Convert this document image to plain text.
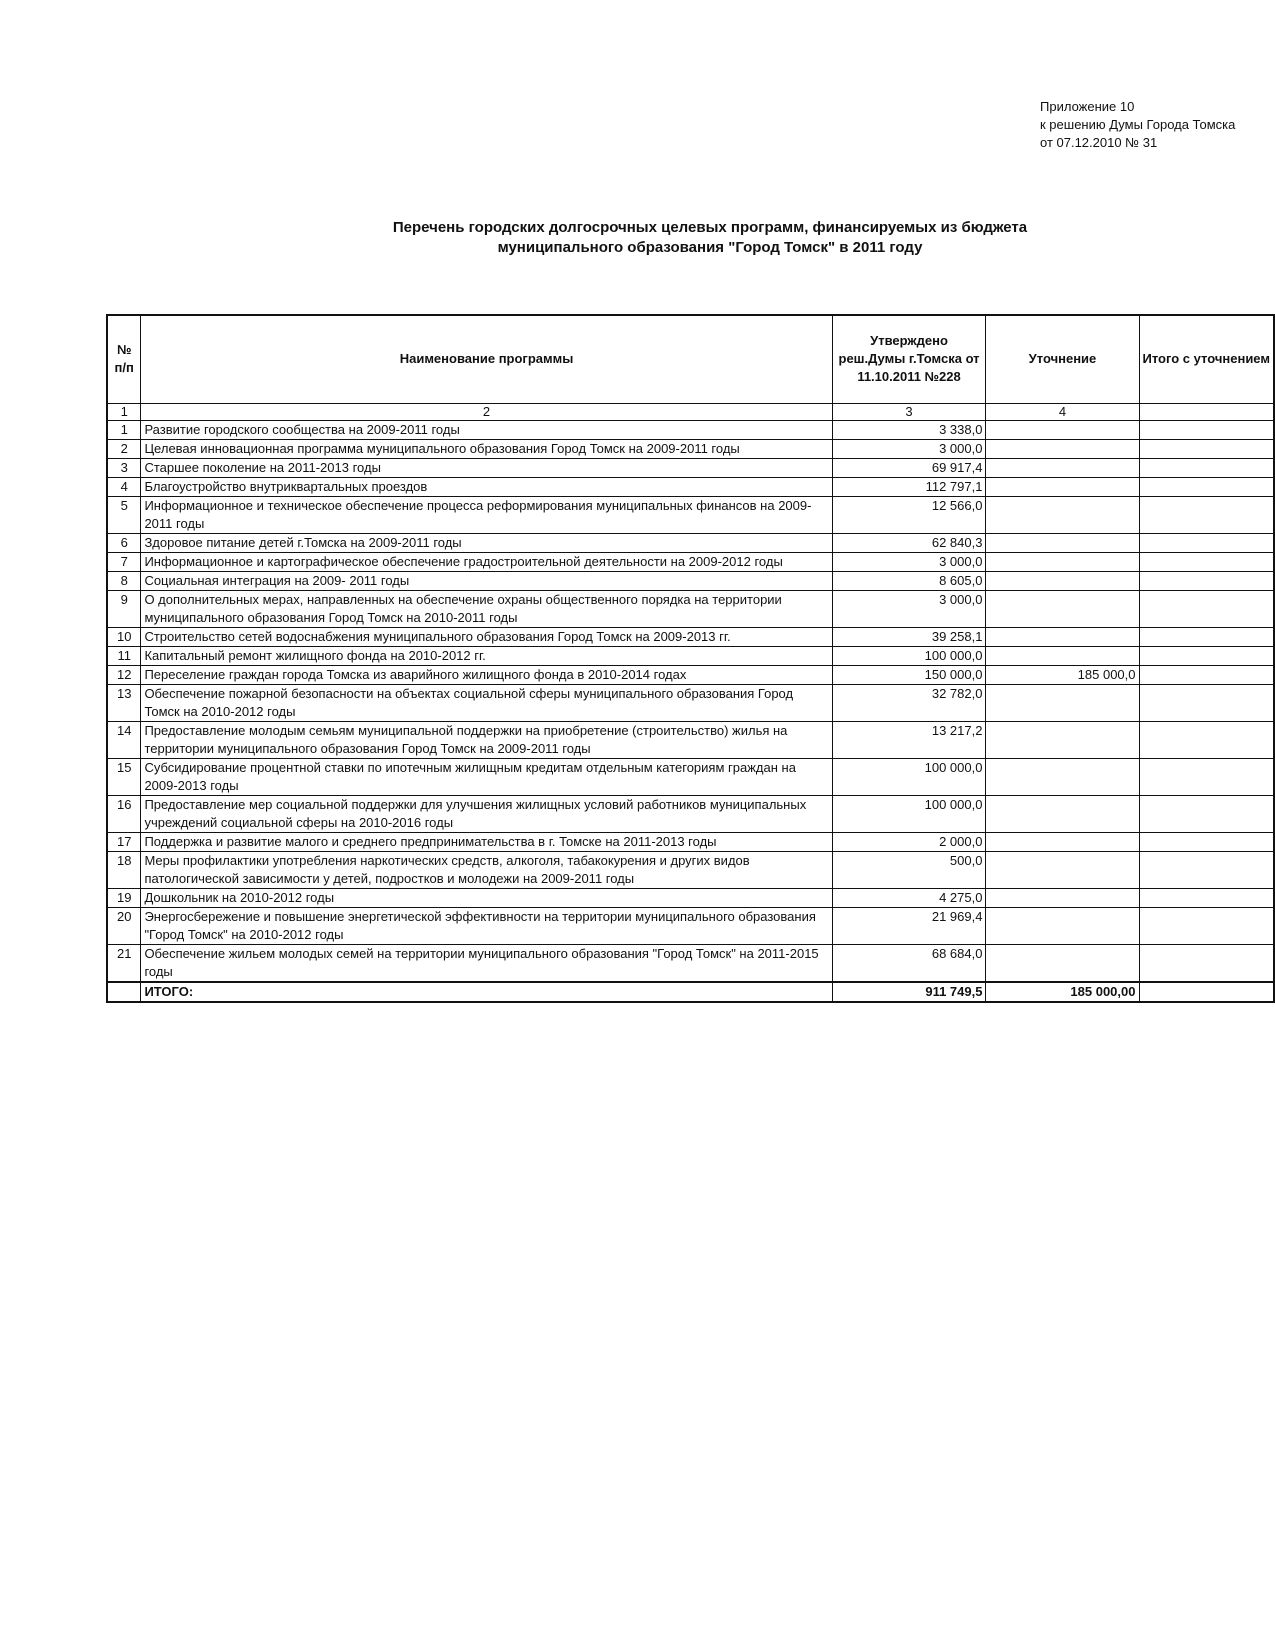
Приложение 10
к решению Думы Города Томска
от 07.12.2010 № 31
Перечень городских долгосрочных целевых программ, финансируемых из бюджета
муниципального образования "Город Томск" в 2011 году
№ п/п	Наименование программы	Утверждено реш.Думы г.Томска от 11.10.2011 №228	Уточнение	Итого с уточнением
1	2	3	4	
1	Развитие городского сообщества на 2009-2011 годы	3 338,0		
2	Целевая инновационная программа муниципального образования Город Томск на 2009-2011 годы	3 000,0		
3	Старшее поколение на 2011-2013 годы	69 917,4		
4	Благоустройство внутриквартальных проездов	112 797,1		
5	Информационное и техническое обеспечение процесса реформирования муниципальных финансов на 2009-2011 годы	12 566,0		
6	Здоровое питание детей г.Томска на 2009-2011 годы	62 840,3		
7	Информационное и картографическое обеспечение градостроительной деятельности на 2009-2012 годы	3 000,0		
8	Социальная интеграция на 2009- 2011 годы	8 605,0		
9	О дополнительных мерах, направленных на обеспечение охраны общественного порядка на территории муниципального образования Город Томск на 2010-2011 годы	3 000,0		
10	Строительство сетей водоснабжения муниципального образования Город Томск на 2009-2013 гг.	39 258,1		
11	Капитальный ремонт жилищного фонда на 2010-2012 гг.	100 000,0		
12	Переселение граждан города Томска из аварийного жилищного фонда в 2010-2014 годах	150 000,0	185 000,0	
13	Обеспечение пожарной безопасности на объектах социальной сферы муниципального образования Город Томск на 2010-2012 годы	32 782,0		
14	Предоставление молодым семьям муниципальной поддержки на приобретение (строительство) жилья на территории муниципального образования Город Томск на 2009-2011 годы	13 217,2		
15	Субсидирование процентной ставки по ипотечным жилищным кредитам отдельным категориям граждан на 2009-2013 годы	100 000,0		
16	Предоставление мер социальной поддержки для улучшения жилищных условий работников муниципальных учреждений социальной сферы на 2010-2016 годы	100 000,0		
17	Поддержка и развитие малого и среднего предпринимательства в г. Томске на 2011-2013 годы	2 000,0		
18	Меры профилактики употребления наркотических средств, алкоголя, табакокурения и других видов патологической зависимости у детей, подростков и молодежи на 2009-2011 годы	500,0		
19	Дошкольник на 2010-2012 годы	4 275,0		
20	Энергосбережение и повышение энергетической эффективности на территории муниципального образования "Город Томск" на 2010-2012 годы	21 969,4		
21	Обеспечение жильем молодых семей на территории муниципального образования "Город Томск" на 2011-2015 годы	68 684,0		
	ИТОГО:	911 749,5	185 000,00	
